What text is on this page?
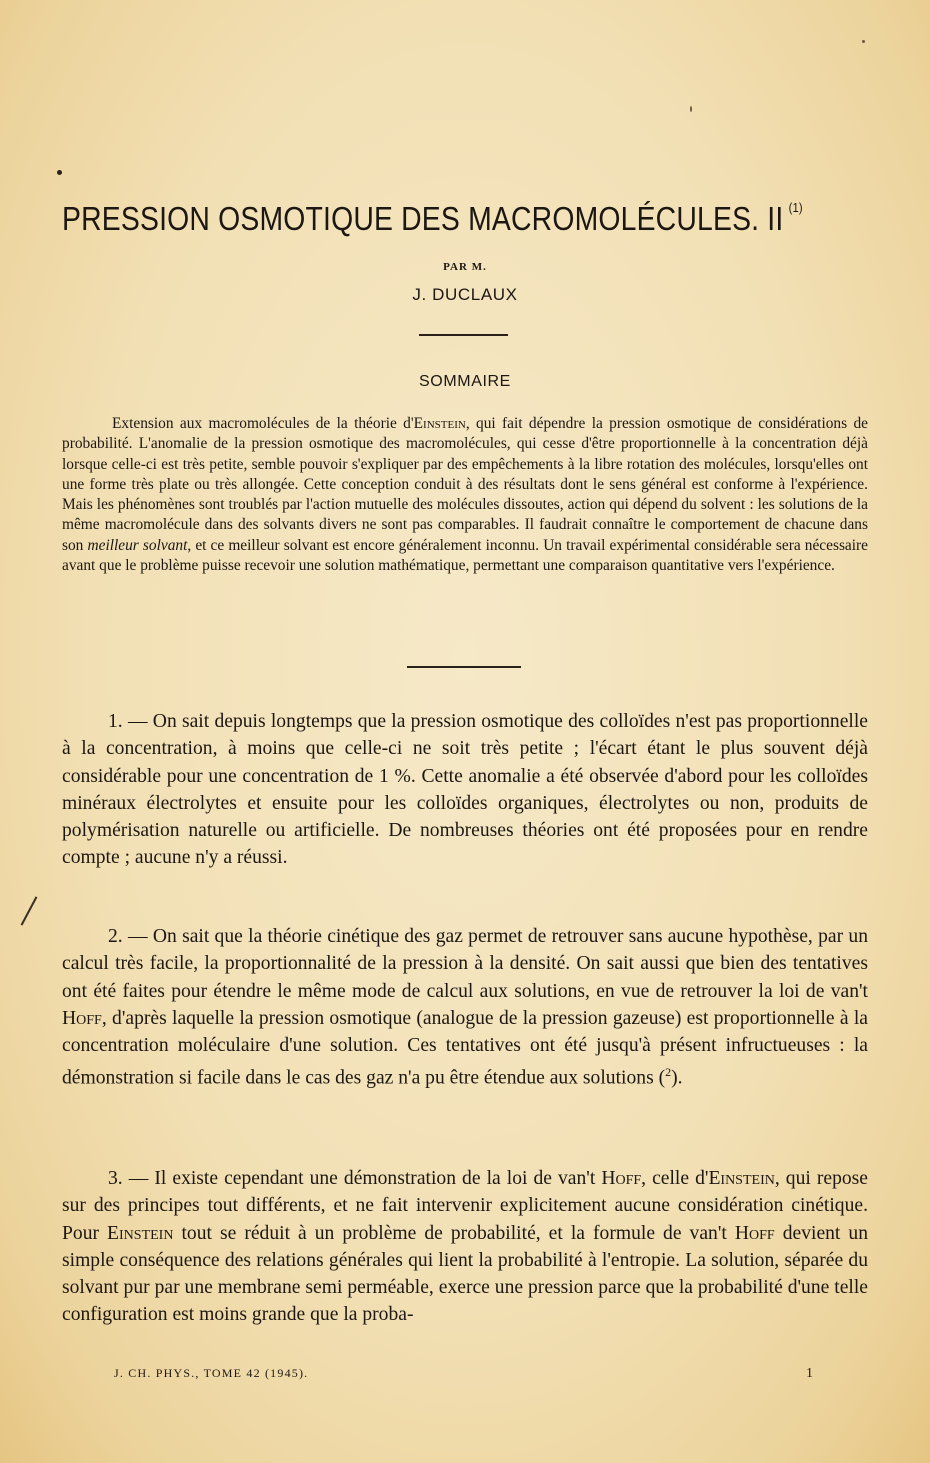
PRESSION OSMOTIQUE DES MACROMOLÉCULES. II $^{(1)}$
PAR M.
J. DUCLAUX
SOMMAIRE
Extension aux macromolécules de la théorie d'Einstein, qui fait dépendre la pression osmotique de considérations de probabilité. L'anomalie de la pression osmotique des macromolécules, qui cesse d'être proportionnelle à la concentration déjà lorsque celle-ci est très petite, semble pouvoir s'expliquer par des empêchements à la libre rotation des molécules, lorsqu'elles ont une forme très plate ou très allongée. Cette conception conduit à des résultats dont le sens général est conforme à l'expérience. Mais les phénomènes sont troublés par l'action mutuelle des molécules dissoutes, action qui dépend du solvent : les solutions de la même macromolécule dans des solvants divers ne sont pas comparables. Il faudrait connaître le comportement de chacune dans son meilleur solvant, et ce meilleur solvant est encore généralement inconnu. Un travail expérimental considérable sera nécessaire avant que le problème puisse recevoir une solution mathématique, permettant une comparaison quantitative vers l'expérience.
1. — On sait depuis longtemps que la pression osmotique des colloïdes n'est pas proportionnelle à la concentration, à moins que celle-ci ne soit très petite ; l'écart étant le plus souvent déjà considérable pour une concentration de 1 %. Cette anomalie a été observée d'abord pour les colloïdes minéraux électrolytes et ensuite pour les colloïdes organiques, électrolytes ou non, produits de polymérisation naturelle ou artificielle. De nombreuses théories ont été proposées pour en rendre compte ; aucune n'y a réussi.
2. — On sait que la théorie cinétique des gaz permet de retrouver sans aucune hypothèse, par un calcul très facile, la proportionnalité de la pression à la densité. On sait aussi que bien des tentatives ont été faites pour étendre le même mode de calcul aux solutions, en vue de retrouver la loi de van't Hoff, d'après laquelle la pression osmotique (analogue de la pression gazeuse) est proportionnelle à la concentration moléculaire d'une solution. Ces tentatives ont été jusqu'à présent infructueuses : la démonstration si facile dans le cas des gaz n'a pu être étendue aux solutions ($^2$).
3. — Il existe cependant une démonstration de la loi de van't Hoff, celle d'Einstein, qui repose sur des principes tout différents, et ne fait intervenir explicitement aucune considération cinétique. Pour Einstein tout se réduit à un problème de probabilité, et la formule de van't Hoff devient un simple conséquence des relations générales qui lient la probabilité à l'entropie. La solution, séparée du solvant pur par une membrane semi perméable, exerce une pression parce que la probabilité d'une telle configuration est moins grande que la proba-
J. CH. PHYS., TOME 42 (1945).	1
